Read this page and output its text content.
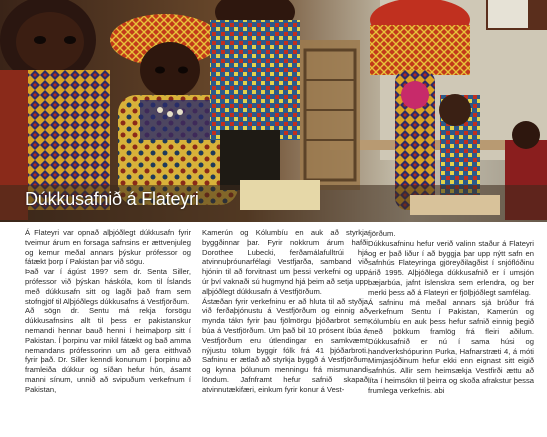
Dúkkusafnið á Flateyri

Á Flateyri var opnað alþjóðlegt dúkkusafn fyrir tveimur árum en forsaga safnsins er ættvenjuleg og kemur meðal annars þýskur prófessor og fátækt þorp í Pakistan þar við sögu.

Það var í ágúst 199? sem dr. Senta Siller, prófessor við þýskan háskóla, kom til Íslands með dúkkusafn sitt og lagði það fram sem stofngjöf til Alþjóðlegs dúkkusafns á Vestfjörðum.

Að sögn dr. Sentu má rekja forsögu dúkkusafnsins allt til þess er pakistanskur nemandi hennar bauð henni í heimaþorp sitt í Pakistan. Í þorpinu var mikil fátækt og bað amma nemandans prófessorinn um að gera eitthvað fyrir það. Dr. Siller kenndi konunum í þorpinu að framleiða dúkkur og síðan hefur hún, ásamt manni sínum, unnið að svipuðum verkefnum í Pakistan,

Kamerún og Kólumbíu en auk að styrkja byggðinnar þar. Fyrir nokkrum árum hafði Dorothee Lubecki, ferðamálafulltrúi hjá atvinnuþróunarfélagi Vestfjarða, samband við hjónin til að forvitnast um þessi verkefni og upp úr því vaknaði sú hugmynd hjá þeim að setja upp alþjóðlegt dúkkusafn á Vestfjörðum.

Ástæðan fyrir verkefninu er að hluta til að styðja við ferðaþjónustu á Vestfjörðum og einnig að mynda tákn fyrir þau fjölmörgu þjóðarbrot sem búa á Vestfjörðum. Um það bil 10 prósent íbúa á Vestfjörðum eru útlendingar en samkvæmt nýjustu tölum byggir fólk frá 41 þjóðarbroti. Safninu er ætlað að styrkja byggð á Vestfjörðum og kynna þólunum menningu frá mismunandi löndum. Jafnframt hefur safnið skapað atvinnutækifæri, einkum fyrir konur á Vest-

fjörðum.

Dúkkusafninu hefur verið valinn staður á Flateyri og er það liður í að byggja þar upp nýtt safn en safnhús Flateyringa gjöreyðilagðist í snjóflóðinu árið 1995. Alþjóðlega dúkkusafnið er í umsjón bæjarbúa, jafnt íslenskra sem erlendra, og ber merki þess að á Flateyri er fjölþjóðlegt samfélag.

Á safninu má meðal annars sjá brúður frá verkefnum Sentu í Pakistan, Kamerún og Kólumbíu en auk þess hefur safnið einnig þegið með þökkum framlög frá fleiri aðilum. Dúkkusafnið er nú í sama húsi og handverkshópurinn Purka, Hafnarstræti 4, á móti Mimjasjóðinum hefur ekki enn eignast sitt eigið safnhús. Allir sem heimsækja Vestfirði ættu að líta í heimsókn til þeirra og skoða afrakstur þessa frumlega verkefnis. abi
